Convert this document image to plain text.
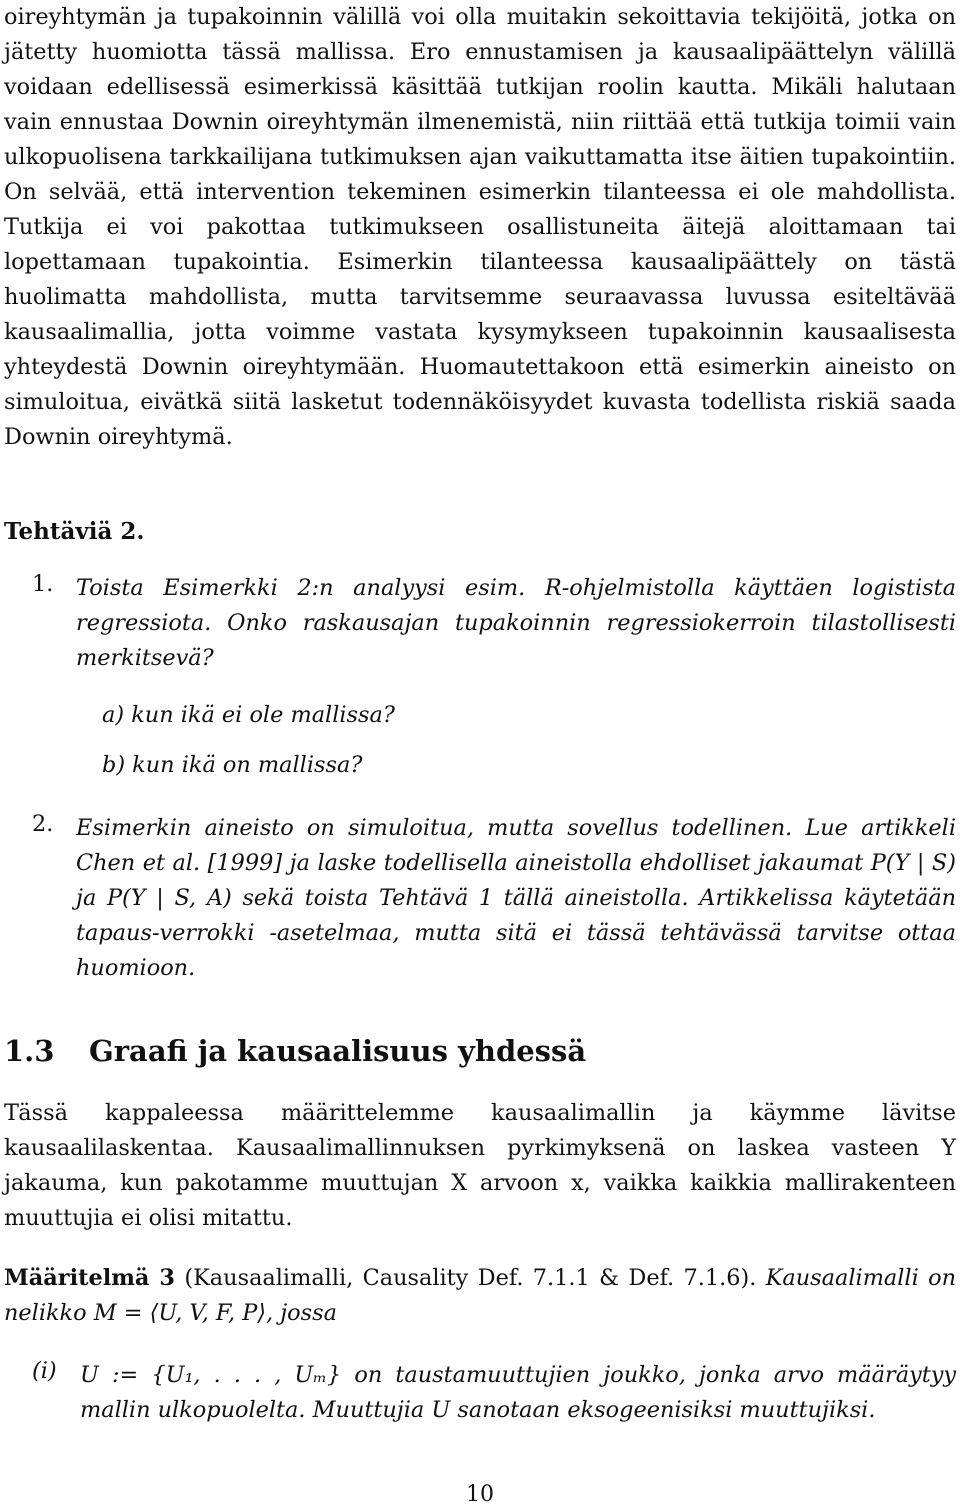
oireyhtymän ja tupakoinnin välillä voi olla muitakin sekoittavia tekijöitä, jotka on jätetty huomiotta tässä mallissa. Ero ennustamisen ja kausaalipäättelyn välillä voidaan edellisessä esimerkissä käsittää tutkijan roolin kautta. Mikäli halutaan vain ennustaa Downin oireyhtymän ilmenemistä, niin riittää että tutkija toimii vain ulkopuolisena tarkkailijana tutkimuksen ajan vaikuttamatta itse äitien tupakointiin. On selvää, että intervention tekeminen esimerkin tilanteessa ei ole mahdollista. Tutkija ei voi pakottaa tutkimukseen osallistuneita äitejä aloittamaan tai lopettamaan tupakointia. Esimerkin tilanteessa kausaalipäättely on tästä huolimatta mahdollista, mutta tarvitsemme seuraavassa luvussa esiteltävää kausaalimallia, jotta voimme vastata kysymykseen tupakoinnin kausaalisesta yhteydestä Downin oireyhtymään. Huomautettakoon että esimerkin aineisto on simuloitua, eivätkä siitä lasketut todennäköisyydet kuvasta todellista riskiä saada Downin oireyhtymä.

Tehtäviä 2.
1. Toista Esimerkki 2:n analyysi esim. R-ohjelmistolla käyttäen logistista regressiota. Onko raskausajan tupakoinnin regressiokerroin tilastollisesti merkitsevä?
a) kun ikä ei ole mallissa?
b) kun ikä on mallissa?
2. Esimerkin aineisto on simuloitua, mutta sovellus todellinen. Lue artikkeli Chen et al. [1999] ja laske todellisella aineistolla ehdolliset jakaumat P(Y | S) ja P(Y | S, A) sekä toista Tehtävä 1 tällä aineistolla. Artikkelissa käytetään tapaus-verrokki -asetelmaa, mutta sitä ei tässä tehtävässä tarvitse ottaa huomioon.
1.3 Graafi ja kausaalisuus yhdessä

Tässä kappaleessa määrittelemme kausaalimallin ja käymme lävitse kausaalilaskentaa. Kausaalimallinnuksen pyrkimyksenä on laskea vasteen Y jakauma, kun pakotamme muuttujan X arvoon x, vaikka kaikkia mallirakenteen muuttujia ei olisi mitattu.

Määritelmä 3 (Kausaalimalli, Causality Def. 7.1.1 & Def. 7.1.6). Kausaalimalli on nelikko M = ⟨U, V, F, P⟩, jossa

(i) U := {U₁, . . . , Uₘ} on taustamuuttujien joukko, jonka arvo määräytyy mallin ulkopuolelta. Muuttujia U sanotaan eksogeenisiksi muuttujiksi.
10
